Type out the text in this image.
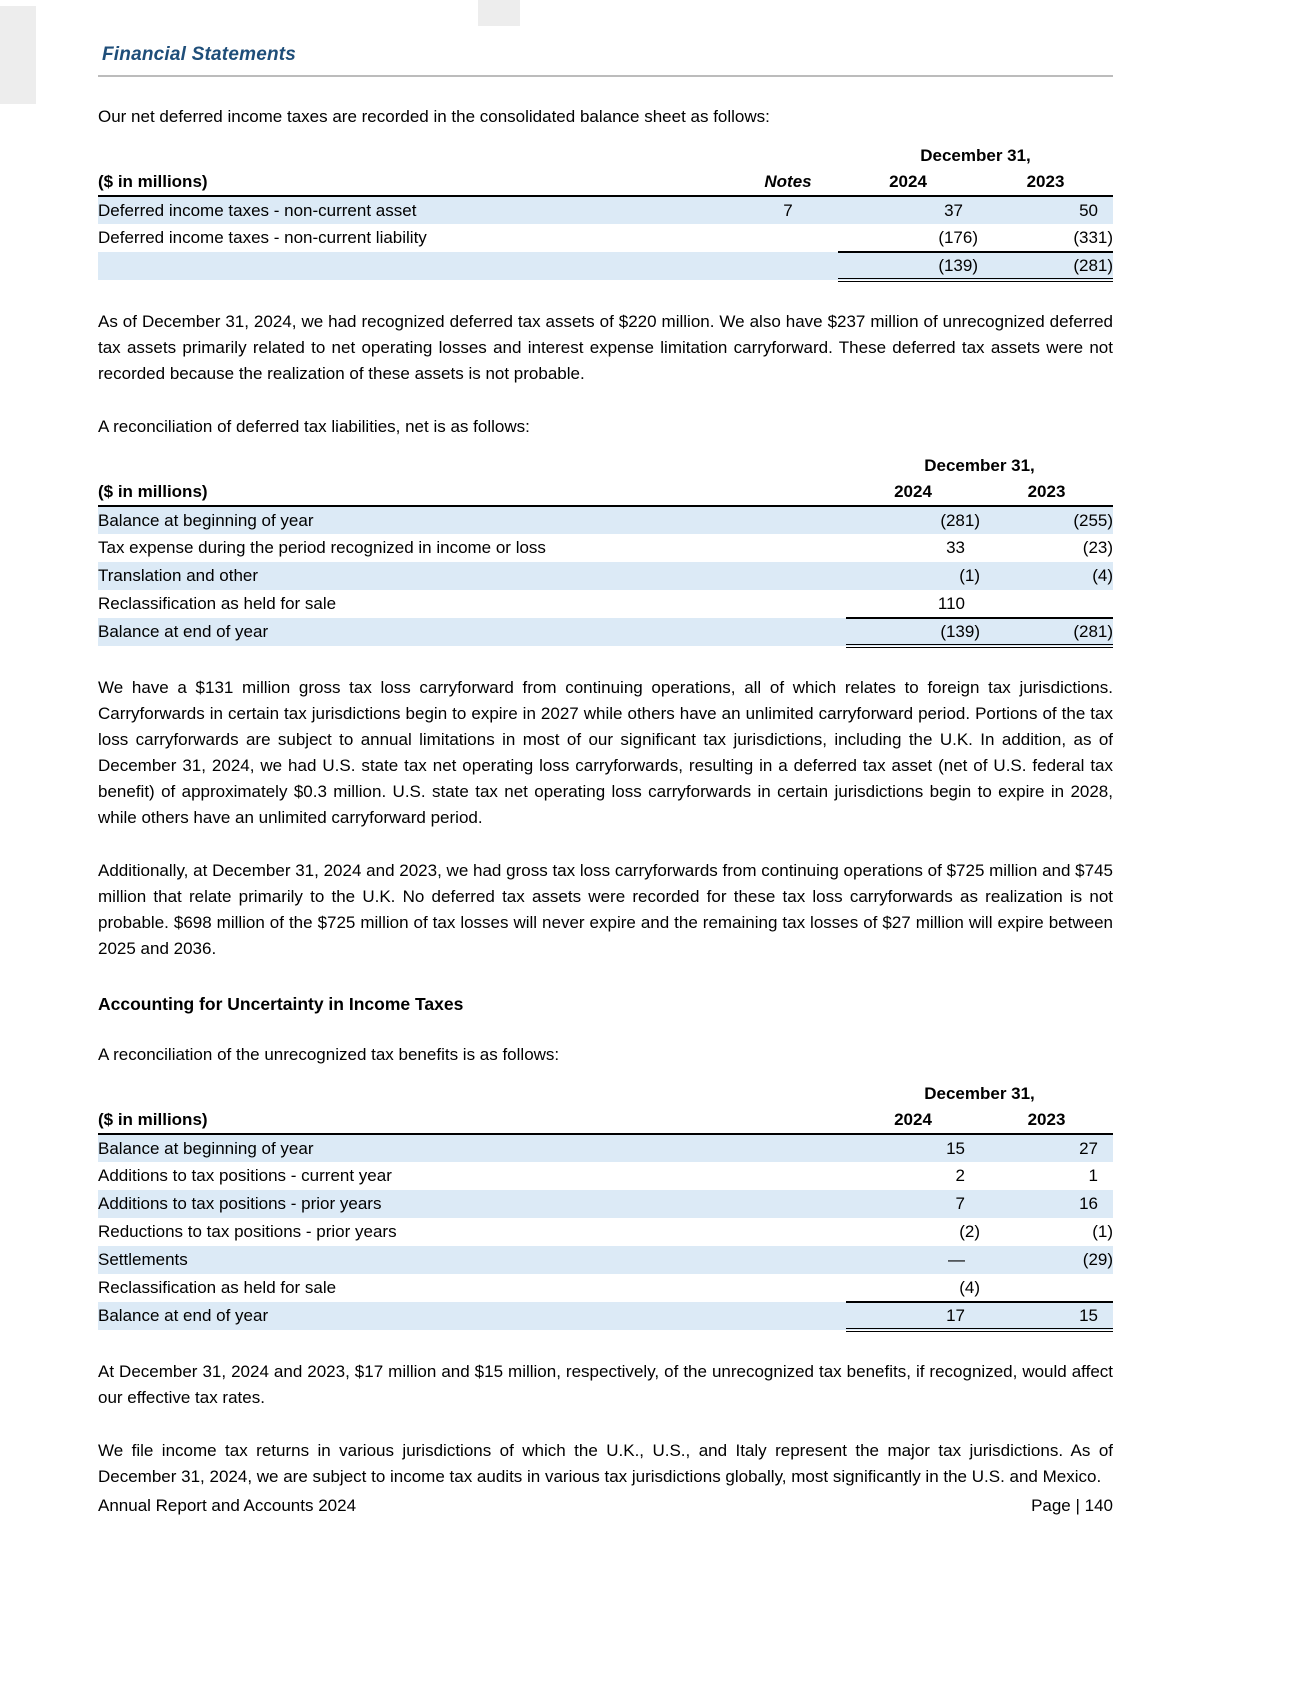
Financial Statements

Our net deferred income taxes are recorded in the consolidated balance sheet as follows:

		December 31,	
($ in millions)	Notes	2024	2023
Deferred income taxes - non-current asset	7	37	50
Deferred income taxes - non-current liability		(176)	(331)
		(139)	(281)

As of December 31, 2024, we had recognized deferred tax assets of $220 million. We also have $237 million of unrecognized deferred tax assets primarily related to net operating losses and interest expense limitation carryforward. These deferred tax assets were not recorded because the realization of these assets is not probable.

A reconciliation of deferred tax liabilities, net is as follows:

	December 31,	
($ in millions)	2024	2023
Balance at beginning of year	(281)	(255)
Tax expense during the period recognized in income or loss	33	(23)
Translation and other	(1)	(4)
Reclassification as held for sale	110	
Balance at end of year	(139)	(281)

We have a $131 million gross tax loss carryforward from continuing operations, all of which relates to foreign tax jurisdictions. Carryforwards in certain tax jurisdictions begin to expire in 2027 while others have an unlimited carryforward period. Portions of the tax loss carryforwards are subject to annual limitations in most of our significant tax jurisdictions, including the U.K. In addition, as of December 31, 2024, we had U.S. state tax net operating loss carryforwards, resulting in a deferred tax asset (net of U.S. federal tax benefit) of approximately $0.3 million. U.S. state tax net operating loss carryforwards in certain jurisdictions begin to expire in 2028, while others have an unlimited carryforward period.

Additionally, at December 31, 2024 and 2023, we had gross tax loss carryforwards from continuing operations of $725 million and $745 million that relate primarily to the U.K. No deferred tax assets were recorded for these tax loss carryforwards as realization is not probable. $698 million of the $725 million of tax losses will never expire and the remaining tax losses of $27 million will expire between 2025 and 2036.

Accounting for Uncertainty in Income Taxes

A reconciliation of the unrecognized tax benefits is as follows:

	December 31,	
($ in millions)	2024	2023
Balance at beginning of year	15	27
Additions to tax positions - current year	2	1
Additions to tax positions - prior years	7	16
Reductions to tax positions - prior years	(2)	(1)
Settlements	—	(29)
Reclassification as held for sale	(4)	
Balance at end of year	17	15

At December 31, 2024 and 2023, $17 million and $15 million, respectively, of the unrecognized tax benefits, if recognized, would affect our effective tax rates.

We file income tax returns in various jurisdictions of which the U.K., U.S., and Italy represent the major tax jurisdictions. As of December 31, 2024, we are subject to income tax audits in various tax jurisdictions globally, most significantly in the U.S. and Mexico.

Annual Report and Accounts 2024	Page | 140
